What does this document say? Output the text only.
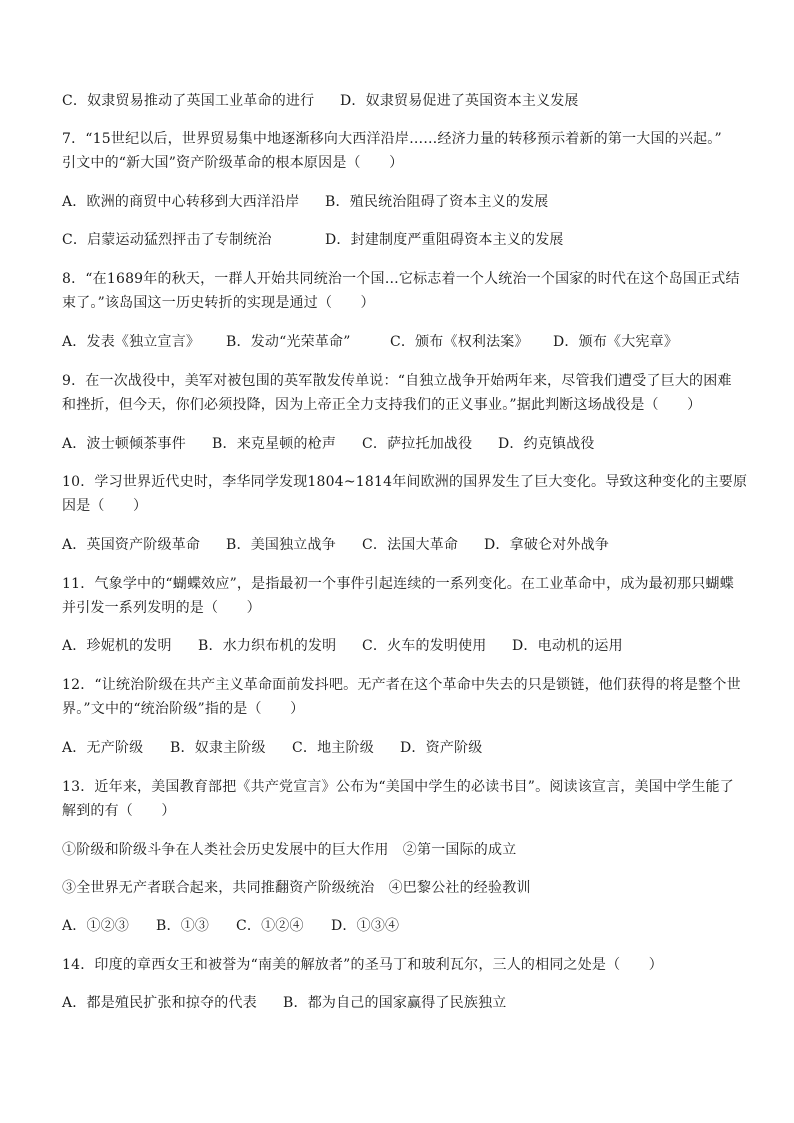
C．奴隶贸易推动了英国工业革命的进行	D．奴隶贸易促进了英国资本主义发展
7．“15世纪以后，世界贸易集中地逐渐移向大西洋沿岸……经济力量的转移预示着新的第一大国的兴起。”
引文中的“新大国”资产阶级革命的根本原因是（　　）
A．欧洲的商贸中心转移到大西洋沿岸	B．殖民统治阻碍了资本主义的发展
C．启蒙运动猛烈抨击了专制统治	D．封建制度严重阻碍资本主义的发展
8．“在1689年的秋天，一群人开始共同统治一个国…它标志着一个人统治一个国家的时代在这个岛国正式结
束了。”该岛国这一历史转折的实现是通过（　　）
A．发表《独立宣言》	B．发动“光荣革命”	C．颁布《权利法案》	D．颁布《大宪章》
9．在一次战役中，美军对被包围的英军散发传单说：“自独立战争开始两年来，尽管我们遭受了巨大的困难
和挫折，但今天，你们必须投降，因为上帝正全力支持我们的正义事业。”据此判断这场战役是（　　）
A．波士顿倾茶事件	B．来克星顿的枪声	C．萨拉托加战役	D．约克镇战役
10．学习世界近代史时，李华同学发现1804~1814年间欧洲的国界发生了巨大变化。导致这种变化的主要原
因是（　　）
A．英国资产阶级革命	B．美国独立战争	C．法国大革命	D．拿破仑对外战争
11．气象学中的“蝴蝶效应”，是指最初一个事件引起连续的一系列变化。在工业革命中，成为最初那只蝴蝶
并引发一系列发明的是（　　）
A．珍妮机的发明	B．水力织布机的发明	C．火车的发明使用	D．电动机的运用
12．“让统治阶级在共产主义革命面前发抖吧。无产者在这个革命中失去的只是锁链，他们获得的将是整个世
界。”文中的“统治阶级”指的是（　　）
A．无产阶级	B．奴隶主阶级	C．地主阶级	D．资产阶级
13．近年来，美国教育部把《共产党宣言》公布为“美国中学生的必读书目”。阅读该宣言，美国中学生能了
解到的有（　　）
①阶级和阶级斗争在人类社会历史发展中的巨大作用　②第一国际的成立
③全世界无产者联合起来，共同推翻资产阶级统治　④巴黎公社的经验教训
A．①②③	B．①③	C．①②④	D．①③④
14．印度的章西女王和被誉为“南美的解放者”的圣马丁和玻利瓦尔，三人的相同之处是（　　）
A．都是殖民扩张和掠夺的代表	B．都为自己的国家赢得了民族独立
